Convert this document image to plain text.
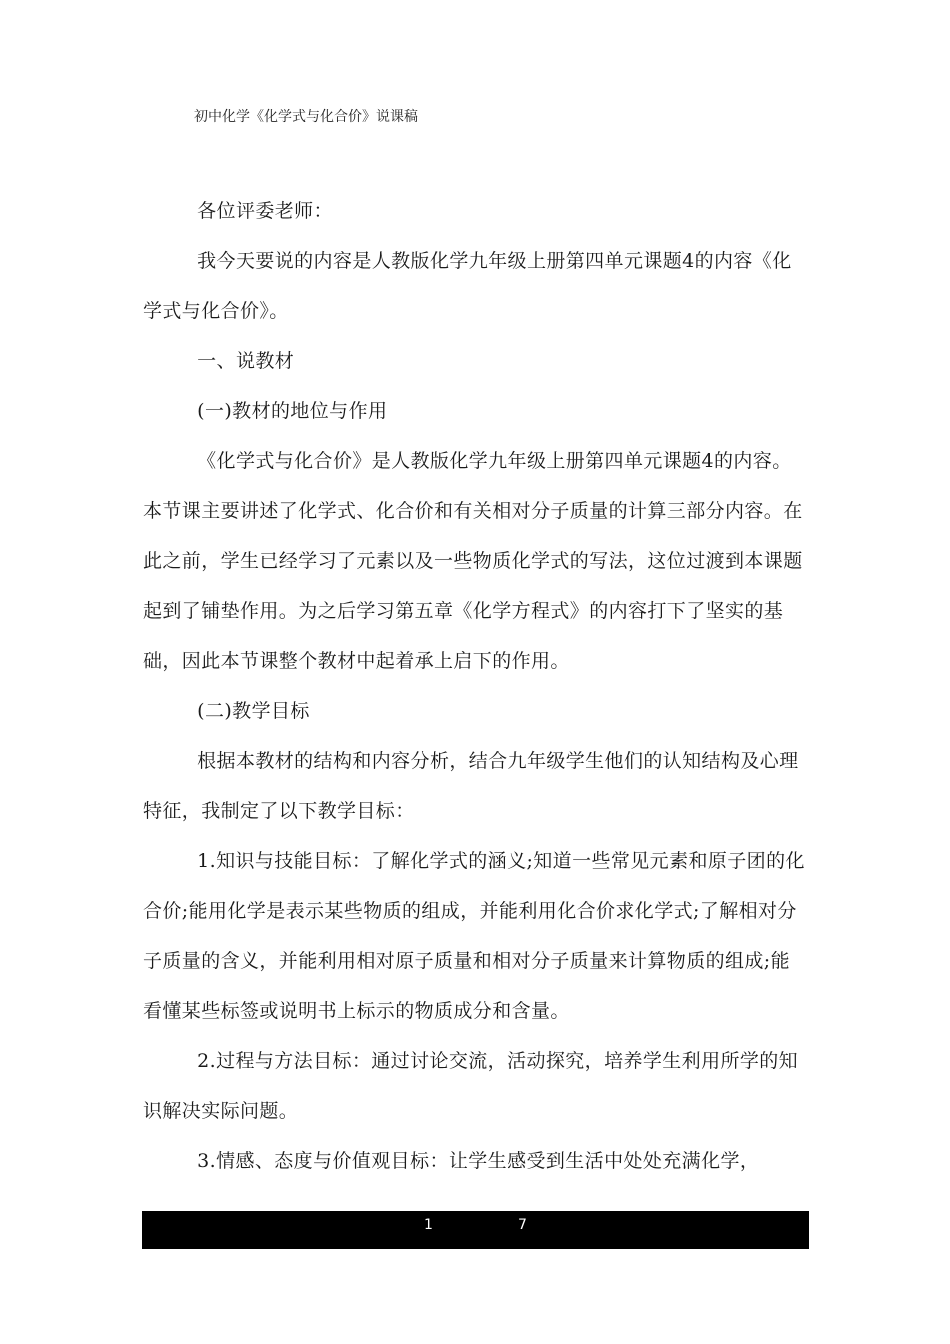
初中化学《化学式与化合价》说课稿

各位评委老师：

我今天要说的内容是人教版化学九年级上册第四单元课题4的内容《化学式与化合价》。

一、说教材

(一)教材的地位与作用

《化学式与化合价》是人教版化学九年级上册第四单元课题4的内容。本节课主要讲述了化学式、化合价和有关相对分子质量的计算三部分内容。在此之前，学生已经学习了元素以及一些物质化学式的写法，这位过渡到本课题起到了铺垫作用。为之后学习第五章《化学方程式》的内容打下了坚实的基础，因此本节课整个教材中起着承上启下的作用。

(二)教学目标

根据本教材的结构和内容分析，结合九年级学生他们的认知结构及心理特征，我制定了以下教学目标：

1.知识与技能目标：了解化学式的涵义;知道一些常见元素和原子团的化合价;能用化学是表示某些物质的组成，并能利用化合价求化学式;了解相对分子质量的含义，并能利用相对原子质量和相对分子质量来计算物质的组成;能看懂某些标签或说明书上标示的物质成分和含量。

2.过程与方法目标：通过讨论交流，活动探究，培养学生利用所学的知识解决实际问题。

3.情感、态度与价值观目标：让学生感受到生活中处处充满化学，

1	7
